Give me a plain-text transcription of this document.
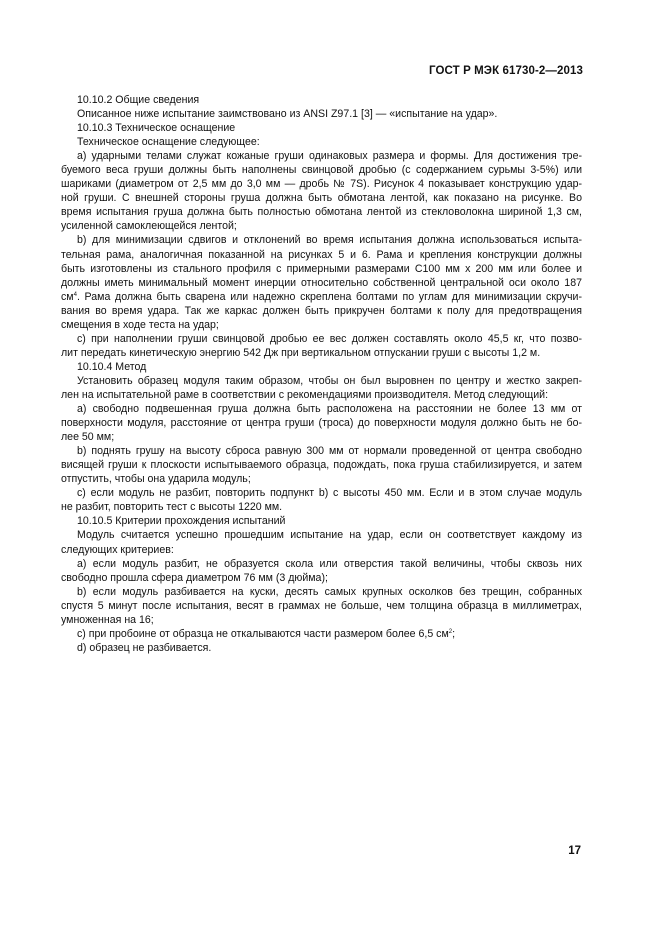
ГОСТ Р МЭК 61730-2—2013

10.10.2 Общие сведения

Описанное ниже испытание заимствовано из ANSI Z97.1 [3] — «испытание на удар».

10.10.3 Техническое оснащение

Техническое оснащение следующее:

а) ударными телами служат кожаные груши одинаковых размера и формы. Для достижения тре-
буемого веса груши должны быть наполнены свинцовой дробью (с содержанием сурьмы 3-5%) или
шариками (диаметром от 2,5 мм до 3,0 мм — дробь № 7S). Рисунок 4 показывает конструкцию удар-
ной груши. С внешней стороны груша должна быть обмотана лентой, как показано на рисунке. Во
время испытания груша должна быть полностью обмотана лентой из стекловолокна шириной 1,3 см,
усиленной самоклеющейся лентой;
b) для минимизации сдвигов и отклонений во время испытания должна использоваться испыта-
тельная рама, аналогичная показанной на рисунках 5 и 6. Рама и крепления конструкции должны
быть изготовлены из стального профиля с примерными размерами С100 мм х 200 мм или более и
должны иметь минимальный момент инерции относительно собственной центральной оси около 187
$см^4$. Рама должна быть сварена или надежно скреплена болтами по углам для минимизации скручи-
вания во время удара. Так же каркас должен быть прикручен болтами к полу для предотвращения
смещения в ходе теста на удар;
с) при наполнении груши свинцовой дробью ее вес должен составлять около 45,5 кг, что позво-
лит передать кинетическую энергию 542 Дж при вертикальном отпускании груши с высоты 1,2 м.

10.10.4 Метод

Установить образец модуля таким образом, чтобы он был выровнен по центру и жестко закреп-
лен на испытательной раме в соответствии с рекомендациями производителя. Метод следующий:
а) свободно подвешенная груша должна быть расположена на расстоянии не более 13 мм от
поверхности модуля, расстояние от центра груши (троса) до поверхности модуля должно быть не бо-
лее 50 мм;
b) поднять грушу на высоту сброса равную 300 мм от нормали проведенной от центра свободно
висящей груши к плоскости испытываемого образца, подождать, пока груша стабилизируется, и затем
отпустить, чтобы она ударила модуль;
с) если модуль не разбит, повторить подпункт b) с высоты 450 мм. Если и в этом случае модуль
не разбит, повторить тест с высоты 1220 мм.

10.10.5 Критерии прохождения испытаний

Модуль считается успешно прошедшим испытание на удар, если он соответствует каждому из
следующих критериев:
а) если модуль разбит, не образуется скола или отверстия такой величины, чтобы сквозь них
свободно прошла сфера диаметром 76 мм (3 дюйма);
b) если модуль разбивается на куски, десять самых крупных осколков без трещин, собранных
спустя 5 минут после испытания, весят в граммах не больше, чем толщина образца в миллиметрах,
умноженная на 16;

с) при пробоине от образца не откалываются части размером более 6,5 $см^2$;

d) образец не разбивается.

17
